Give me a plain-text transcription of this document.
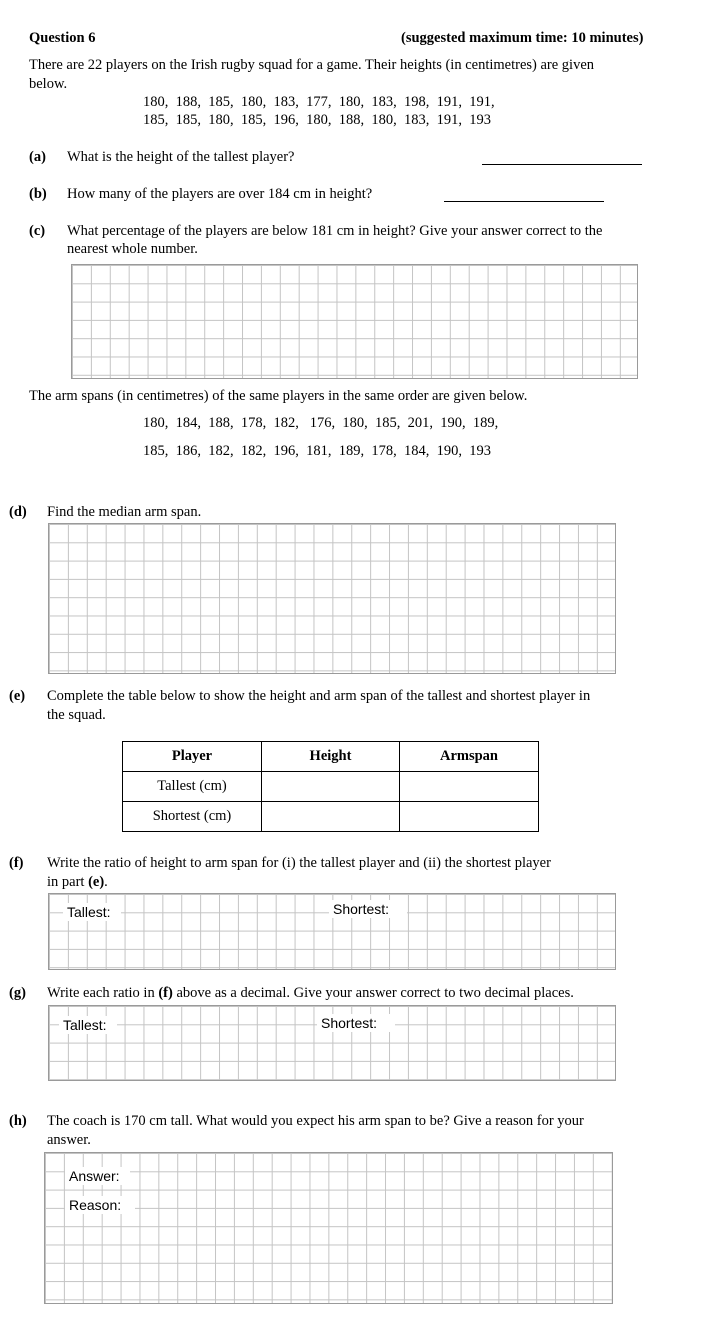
Question 6	(suggested maximum time: 10 minutes)
There are 22 players on the Irish rugby squad for a game. Their heights (in centimetres) are given
below.
180,  188,  185,  180,  183,  177,  180,  183,  198,  191,  191,
185,  185,  180,  185,  196,  180,  188,  180,  183,  191,  193
(a) What is the height of the tallest player?
(b) How many of the players are over 184 cm in height?
(c) What percentage of the players are below 181 cm in height? Give your answer correct to the
nearest whole number.
The arm spans (in centimetres) of the same players in the same order are given below.
180,  184,  188,  178,  182,   176,  180,  185,  201,  190,  189,
185,  186,  182,  182,  196,  181,  189,  178,  184,  190,  193
(d) Find the median arm span.
(e) Complete the table below to show the height and arm span of the tallest and shortest player in
the squad.
Player	Height	Armspan
Tallest (cm)		
Shortest (cm)		
(f) Write the ratio of height to arm span for (i) the tallest player and (ii) the shortest player
in part (e).
Tallest:	Shortest:
(g) Write each ratio in (f) above as a decimal. Give your answer correct to two decimal places.
Tallest:	Shortest:
(h) The coach is 170 cm tall. What would you expect his arm span to be? Give a reason for your
answer.
Answer:
Reason:
